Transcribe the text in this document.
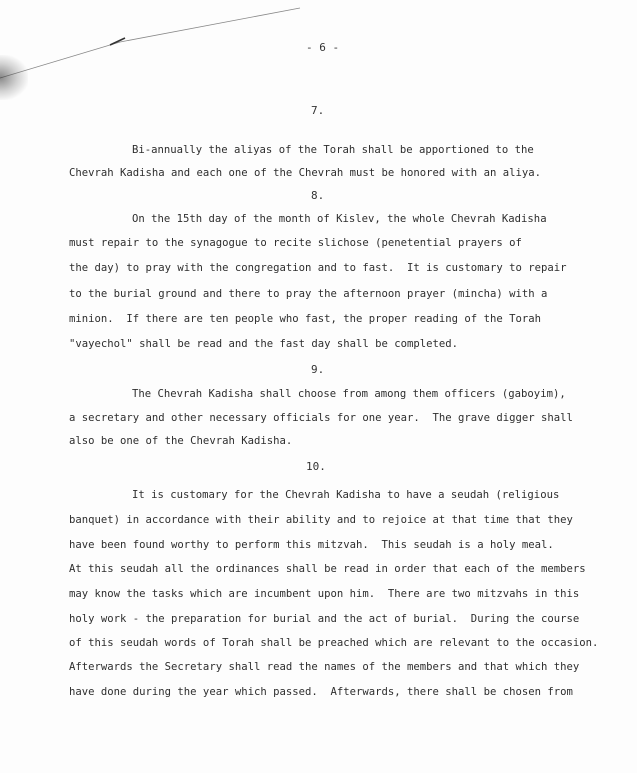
- 6 -
7.
Bi-annually the aliyas of the Torah shall be apportioned to the
Chevrah Kadisha and each one of the Chevrah must be honored with an aliya.
8.
On the 15th day of the month of Kislev, the whole Chevrah Kadisha
must repair to the synagogue to recite slichose (penetential prayers of
the day) to pray with the congregation and to fast.  It is customary to repair
to the burial ground and there to pray the afternoon prayer (mincha) with a
minion.  If there are ten people who fast, the proper reading of the Torah
"vayechol" shall be read and the fast day shall be completed.
9.
The Chevrah Kadisha shall choose from among them officers (gaboyim),
a secretary and other necessary officials for one year.  The grave digger shall
also be one of the Chevrah Kadisha.
10.
It is customary for the Chevrah Kadisha to have a seudah (religious
banquet) in accordance with their ability and to rejoice at that time that they
have been found worthy to perform this mitzvah.  This seudah is a holy meal.
At this seudah all the ordinances shall be read in order that each of the members
may know the tasks which are incumbent upon him.  There are two mitzvahs in this
holy work - the preparation for burial and the act of burial.  During the course
of this seudah words of Torah shall be preached which are relevant to the occasion.
Afterwards the Secretary shall read the names of the members and that which they
have done during the year which passed.  Afterwards, there shall be chosen from
